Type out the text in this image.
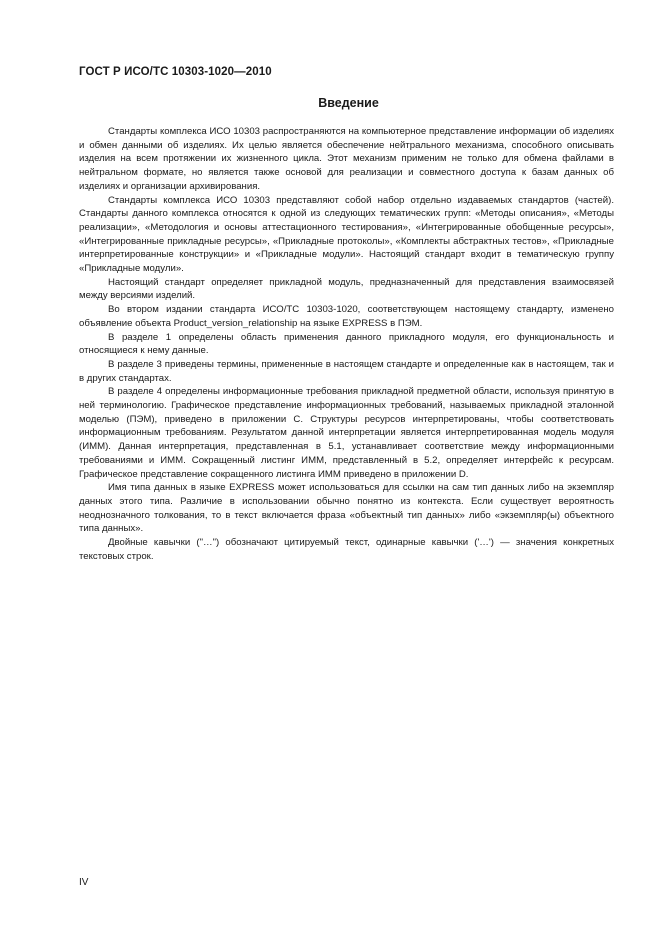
ГОСТ Р ИСО/ТС 10303-1020—2010
Введение

Стандарты комплекса ИСО 10303 распространяются на компьютерное представление информации об изделиях и обмен данными об изделиях. Их целью является обеспечение нейтрального механизма, способного описывать изделия на всем протяжении их жизненного цикла. Этот механизм применим не только для обмена файлами в нейтральном формате, но является также основой для реализации и совместного доступа к базам данных об изделиях и организации архивирования.

Стандарты комплекса ИСО 10303 представляют собой набор отдельно издаваемых стандартов (частей). Стандарты данного комплекса относятся к одной из следующих тематических групп: «Методы описания», «Методы реализации», «Методология и основы аттестационного тестирования», «Интегрированные обобщенные ресурсы», «Интегрированные прикладные ресурсы», «Прикладные протоколы», «Комплекты абстрактных тестов», «Прикладные интерпретированные конструкции» и «Прикладные модули». Настоящий стандарт входит в тематическую группу «Прикладные модули».

Настоящий стандарт определяет прикладной модуль, предназначенный для представления взаимосвязей между версиями изделий.

Во втором издании стандарта ИСО/ТС 10303-1020, соответствующем настоящему стандарту, изменено объявление объекта Product_version_relationship на языке EXPRESS в ПЭМ.

В разделе 1 определены область применения данного прикладного модуля, его функциональность и относящиеся к нему данные.

В разделе 3 приведены термины, примененные в настоящем стандарте и определенные как в настоящем, так и в других стандартах.

В разделе 4 определены информационные требования прикладной предметной области, используя принятую в ней терминологию. Графическое представление информационных требований, называемых прикладной эталонной моделью (ПЭМ), приведено в приложении С. Структуры ресурсов интерпретированы, чтобы соответствовать информационным требованиям. Результатом данной интерпретации является интерпретированная модель модуля (ИММ). Данная интерпретация, представленная в 5.1, устанавливает соответствие между информационными требованиями и ИММ. Сокращенный листинг ИММ, представленный в 5.2, определяет интерфейс к ресурсам. Графическое представление сокращенного листинга ИММ приведено в приложении D.

Имя типа данных в языке EXPRESS может использоваться для ссылки на сам тип данных либо на экземпляр данных этого типа. Различие в использовании обычно понятно из контекста. Если существует вероятность неоднозначного толкования, то в текст включается фраза «объектный тип данных» либо «экземпляр(ы) объектного типа данных».

Двойные кавычки ("…") обозначают цитируемый текст, одинарные кавычки ('…') — значения конкретных текстовых строк.

IV
